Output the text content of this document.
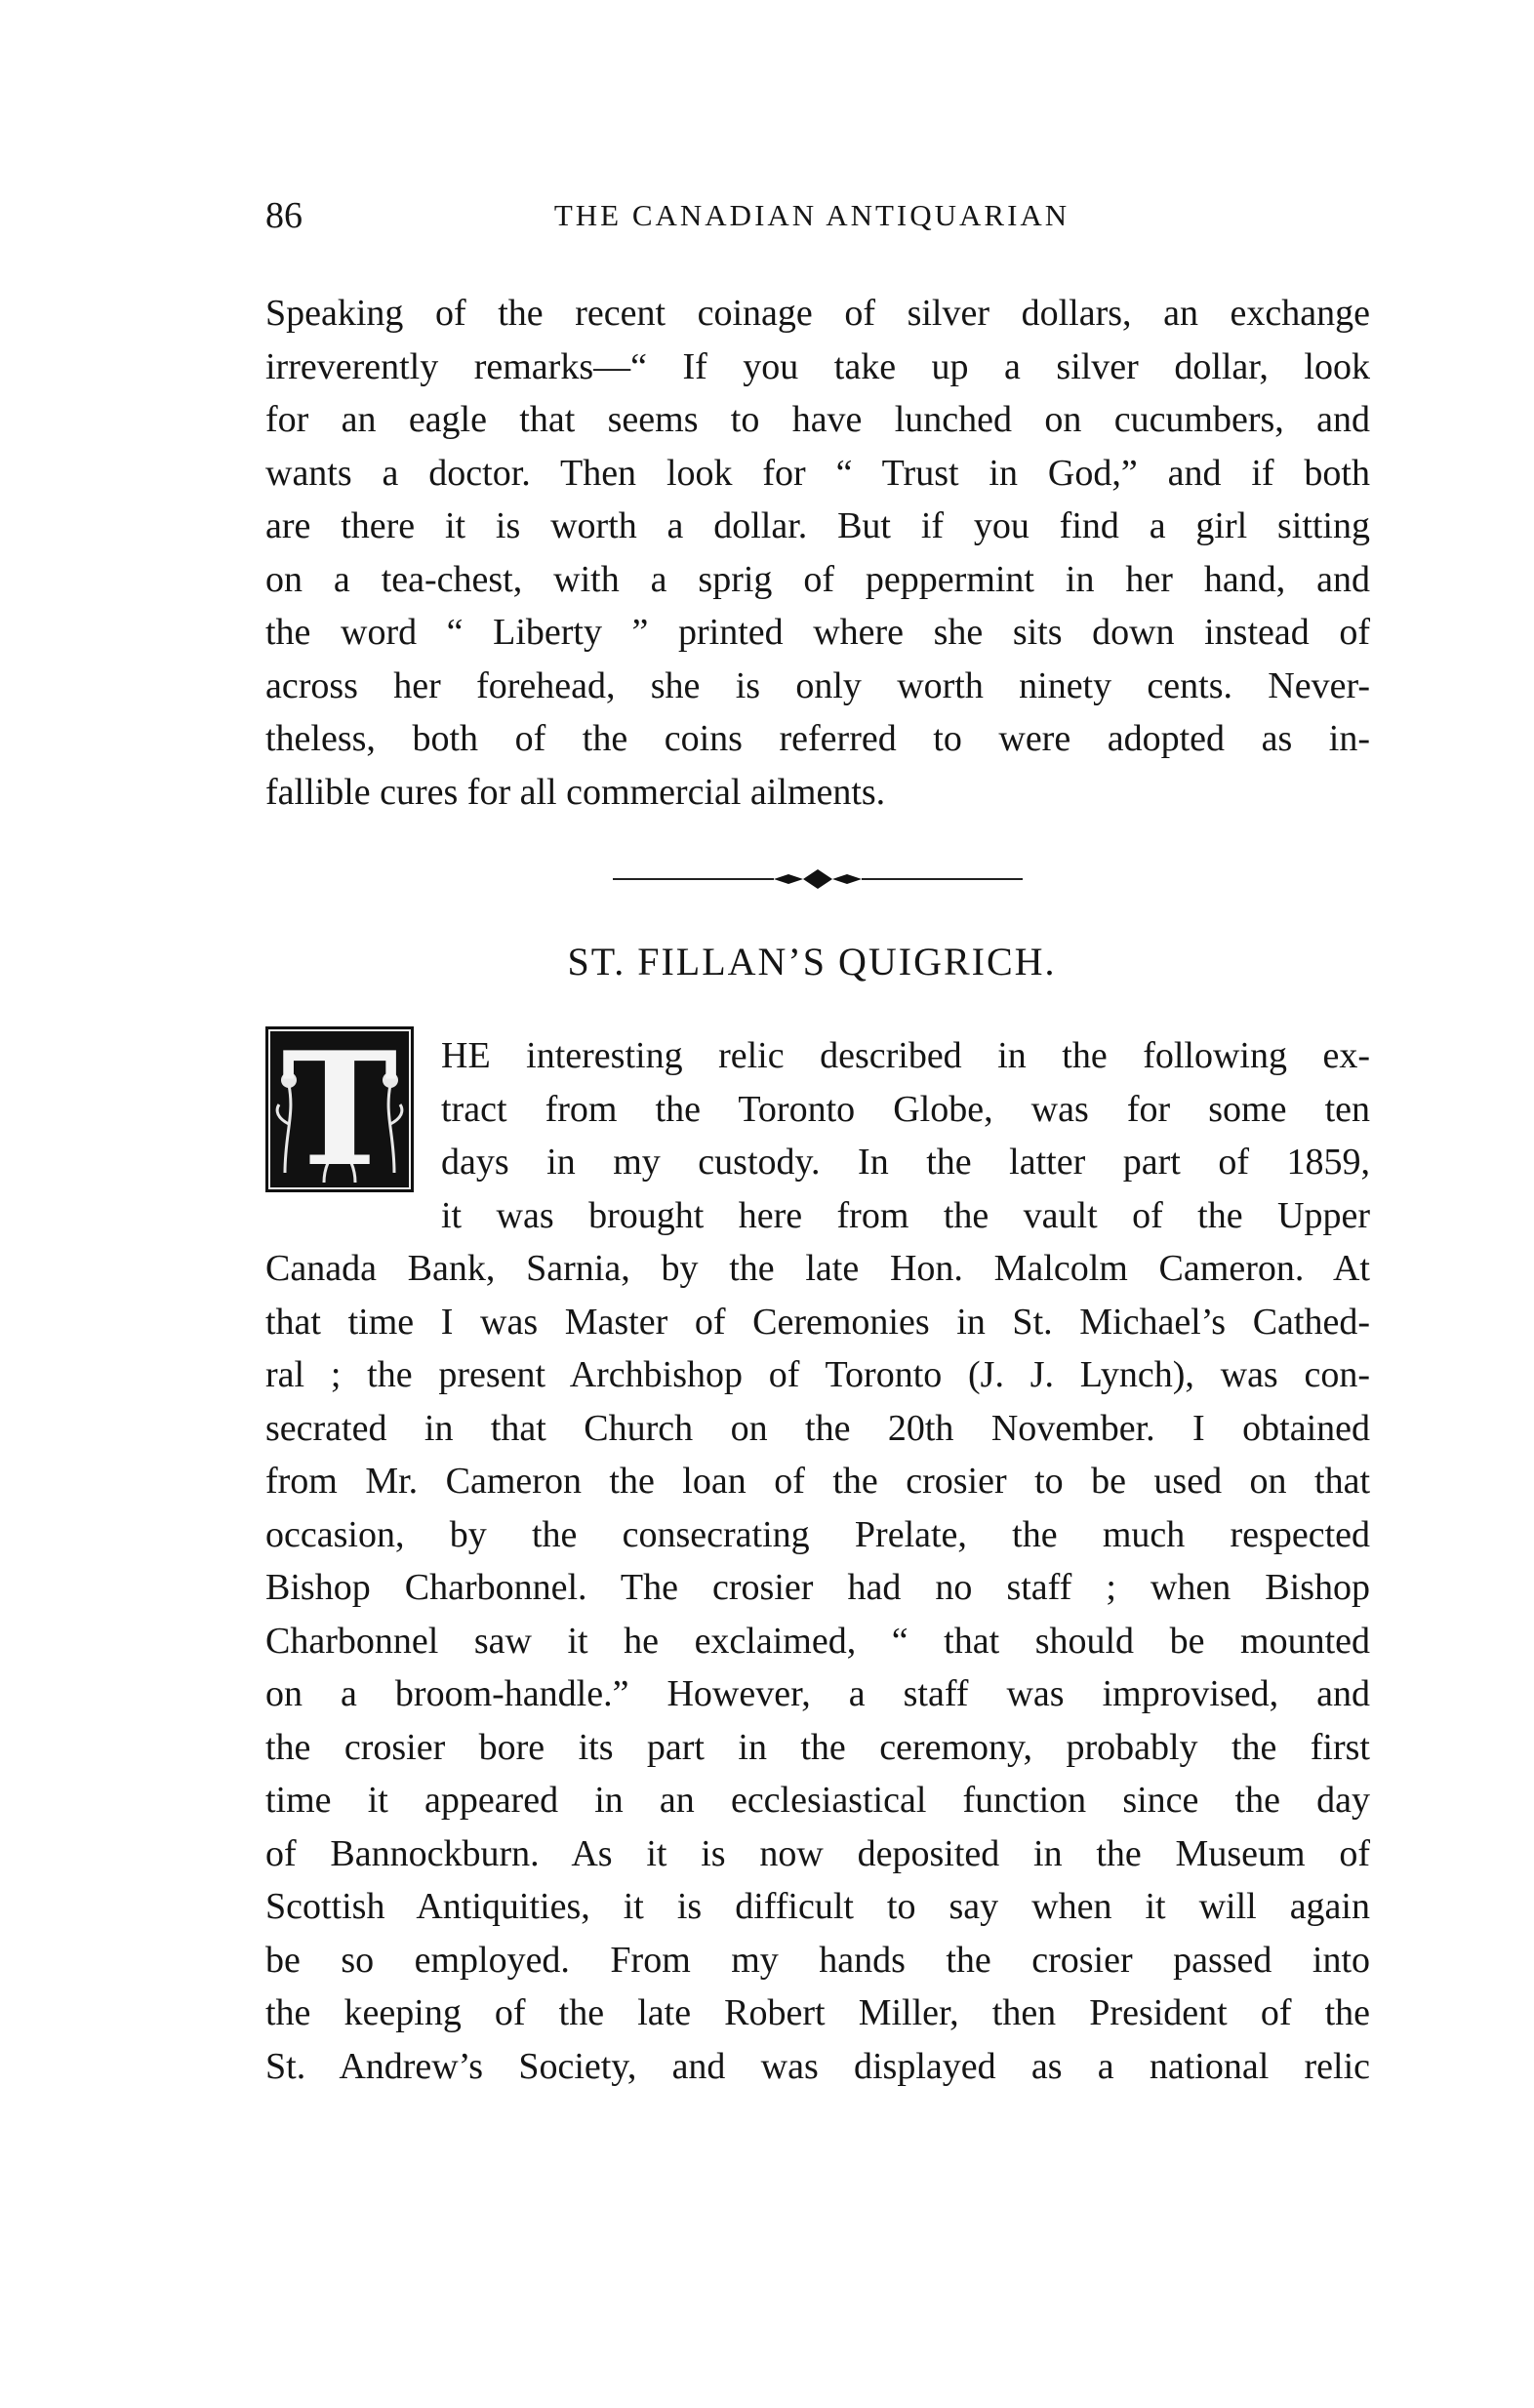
86	THE CANADIAN ANTIQUARIAN
Speaking of the recent coinage of silver dollars, an exchange
irreverently remarks—“ If you take up a silver dollar, look
for an eagle that seems to have lunched on cucumbers, and
wants a doctor. Then look for “ Trust in God,” and if both
are there it is worth a dollar. But if you find a girl sitting
on a tea-chest, with a sprig of peppermint in her hand, and
the word “ Liberty ” printed where she sits down instead of
across her forehead, she is only worth ninety cents. Never-
theless, both of the coins referred to were adopted as in-
fallible cures for all commercial ailments.
ST. FILLAN’S QUIGRICH.
T	HE interesting relic described in the following ex-
tract from the Toronto Globe, was for some ten
days in my custody. In the latter part of 1859,
it was brought here from the vault of the Upper
Canada Bank, Sarnia, by the late Hon. Malcolm Cameron. At
that time I was Master of Ceremonies in St. Michael’s Cathed-
ral ; the present Archbishop of Toronto (J. J. Lynch), was con-
secrated in that Church on the 20th November. I obtained
from Mr. Cameron the loan of the crosier to be used on that
occasion, by the consecrating Prelate, the much respected
Bishop Charbonnel. The crosier had no staff ; when Bishop
Charbonnel saw it he exclaimed, “ that should be mounted
on a broom-handle.” However, a staff was improvised, and
the crosier bore its part in the ceremony, probably the first
time it appeared in an ecclesiastical function since the day
of Bannockburn. As it is now deposited in the Museum of
Scottish Antiquities, it is difficult to say when it will again
be so employed. From my hands the crosier passed into
the keeping of the late Robert Miller, then President of the
St. Andrew’s Society, and was displayed as a national relic
